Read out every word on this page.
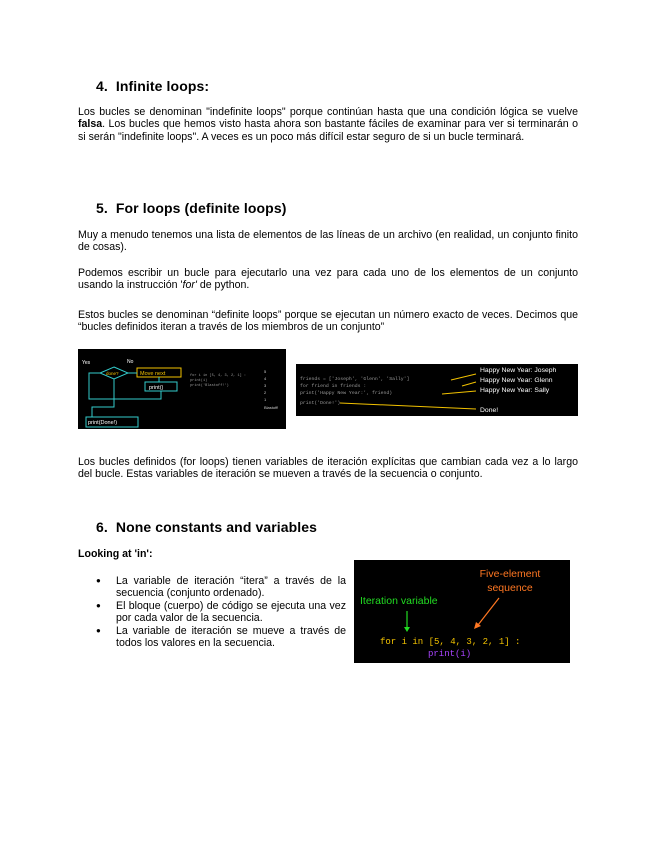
4. Infinite loops:

Los bucles se denominan "indefinite loops" porque continúan hasta que una condición lógica se vuelve falsa. Los bucles que hemos visto hasta ahora son bastante fáciles de examinar para ver si terminarán o si serán "indefinite loops". A veces es un poco más difícil estar seguro de si un bucle terminará.

5. For loops (definite loops)

Muy a menudo tenemos una lista de elementos de las líneas de un archivo (en realidad, un conjunto finito de cosas).

Podemos escribir un bucle para ejecutarlo una vez para cada uno de los elementos de un conjunto usando la instrucción 'for' de python.

Estos bucles se denominan “definite loops” porque se ejecutan un número exacto de veces. Decimos que “bucles definidos iteran a través de los miembros de un conjunto”

Yes	No
done?	Move next
print()
print(Done!)
for i in [5, 4, 3, 2, 1] :
print(i)
print('Blastoff!')
5
4
3
2
1
Blastoff!
friends = ['Joseph', 'Glenn', 'Sally']
for friend in friends :
print('Happy New Year:', friend)
print('Done!')
Happy New Year: Joseph
Happy New Year: Glenn
Happy New Year: Sally
Done!

Los bucles definidos (for loops) tienen variables de iteración explícitas que cambian cada vez a lo largo del bucle. Estas variables de iteración se mueven a través de la secuencia o conjunto.

6. None constants and variables
Looking at 'in':
● La variable de iteración “itera” a través de la secuencia (conjunto ordenado).
● El bloque (cuerpo) de código se ejecuta una vez por cada valor de la secuencia.
● La variable de iteración se mueve a través de todos los valores en la secuencia.
Iteration variable
Five-element
sequence
for i in [5, 4, 3, 2, 1] :
print(i)
